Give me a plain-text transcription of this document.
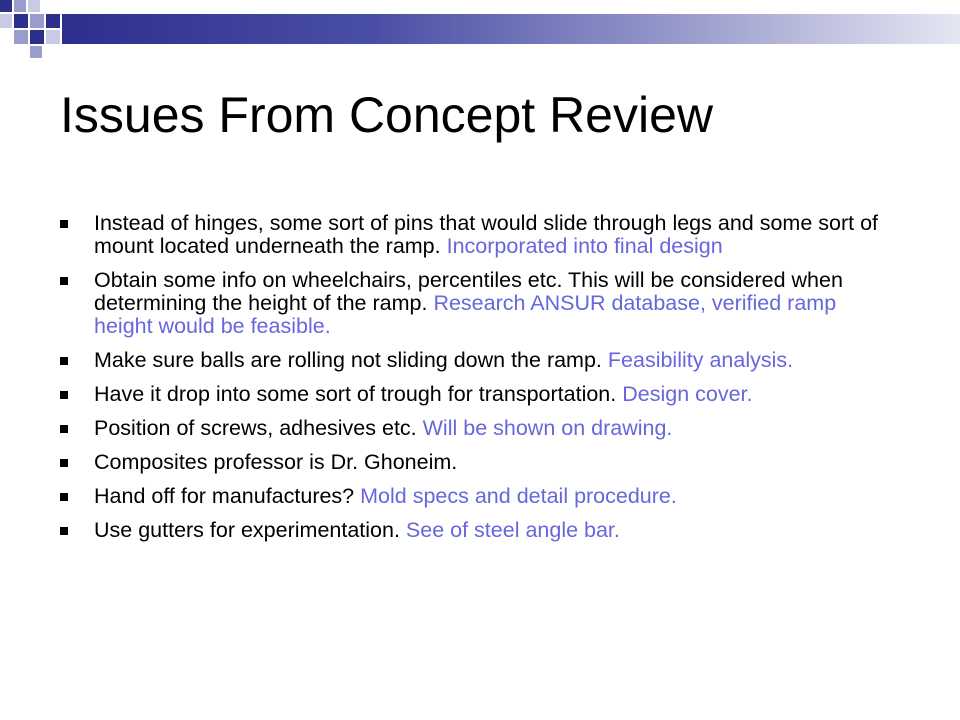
Issues From Concept Review
Instead of hinges, some sort of pins that would slide through legs and some sort of mount located underneath the ramp. Incorporated into final design
Obtain some info on wheelchairs, percentiles etc. This will be considered when determining the height of the ramp. Research ANSUR database, verified ramp height would be feasible.
Make sure balls are rolling not sliding down the ramp. Feasibility analysis.
Have it drop into some sort of trough for transportation. Design cover.
Position of screws, adhesives etc. Will be shown on drawing.
Composites professor is Dr. Ghoneim.
Hand off for manufactures? Mold specs and detail procedure.
Use gutters for experimentation. See of steel angle bar.
